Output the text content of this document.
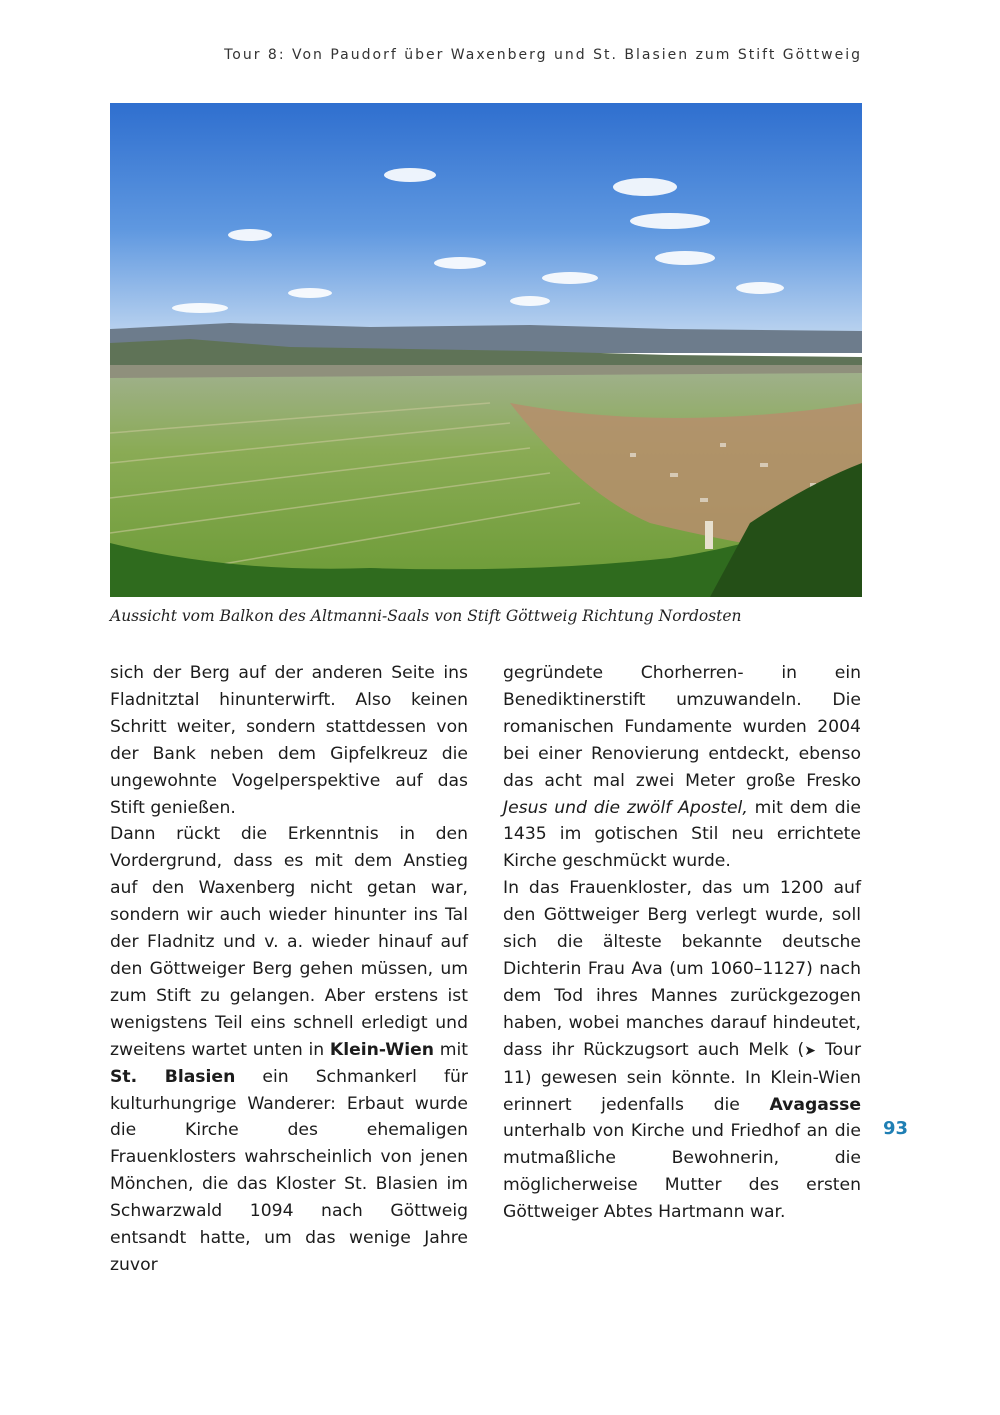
Tour 8: Von Paudorf über Waxenberg und St. Blasien zum Stift Göttweig
Aussicht vom Balkon des Altmanni-Saals von Stift Göttweig Richtung Nordosten

sich der Berg auf der anderen Seite ins Fladnitztal hinunterwirft. Also keinen Schritt weiter, sondern stattdessen von der Bank neben dem Gipfelkreuz die ungewohnte Vogelperspektive auf das Stift genießen.

Dann rückt die Erkenntnis in den Vordergrund, dass es mit dem Anstieg auf den Waxenberg nicht getan war, sondern wir auch wieder hinunter ins Tal der Fladnitz und v. a. wieder hinauf auf den Göttweiger Berg gehen müssen, um zum Stift zu gelangen. Aber erstens ist wenigstens Teil eins schnell erledigt und zweitens wartet unten in Klein-Wien mit St. Blasien ein Schmankerl für kulturhungrige Wanderer: Erbaut wurde die Kirche des ehemaligen Frauenklosters wahrscheinlich von jenen Mönchen, die das Kloster St. Blasien im Schwarzwald 1094 nach Göttweig entsandt hatte, um das wenige Jahre zuvor

gegründete Chorherren- in ein Benediktinerstift umzuwandeln. Die romanischen Fundamente wurden 2004 bei einer Renovierung entdeckt, ebenso das acht mal zwei Meter große Fresko Jesus und die zwölf Apostel, mit dem die 1435 im gotischen Stil neu errichtete Kirche geschmückt wurde.

In das Frauenkloster, das um 1200 auf den Göttweiger Berg verlegt wurde, soll sich die älteste bekannte deutsche Dichterin Frau Ava (um 1060–1127) nach dem Tod ihres Mannes zurückgezogen haben, wobei manches darauf hindeutet, dass ihr Rückzugsort auch Melk (➤ Tour 11) gewesen sein könnte. In Klein-Wien erinnert jedenfalls die Avagasse unterhalb von Kirche und Friedhof an die mutmaßliche Bewohnerin, die möglicherweise Mutter des ersten Göttweiger Abtes Hartmann war.

93
